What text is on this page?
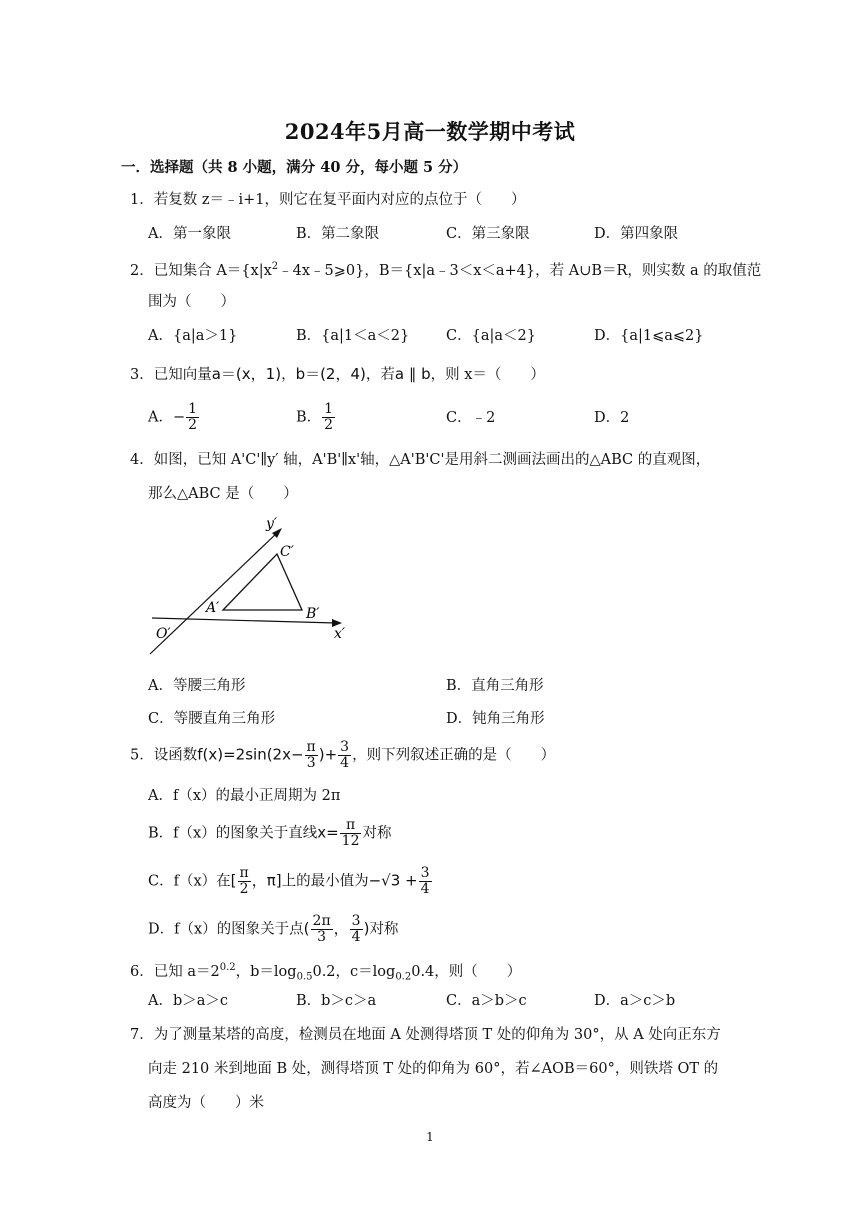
2024年5月高一数学期中考试
一．选择题（共 8 小题，满分 40 分，每小题 5 分）
1．若复数 z＝﹣i+1，则它在复平面内对应的点位于（　　）
A．第一象限	B．第二象限	C．第三象限	D．第四象限
2．已知集合 $A=\{x|x^2﹣4x﹣5⩾0\}$，B＝{x|a﹣3＜x＜a+4}，若 A∪B＝R，则实数 a 的取值范
围为（　　）
A．{a|a＞1}	B．{a|1＜a＜2}	C．{a|a＜2}	D．{a|1⩽a⩽2}
3．已知向量a＝(x，1)，b＝(2，4)，若a ∥ b，则 x＝（　　）
A．− $\frac{1}{2}$	B． $\frac{1}{2}$	C．﹣2	D．2
4．如图，已知 A'C'∥y′ 轴，A'B'∥x'轴，△A'B'C'是用斜二测画法画出的△ABC 的直观图，
那么△ABC 是（　　）
y′
C′
A′	B′
O′	x′
A．等腰三角形	B．直角三角形
C．等腰直角三角形	D．钝角三角形
5．设函数$f(x)=2\sin(2x- \frac{\pi}{3}$ )+ $\frac{3}{4}$ ，则下列叙述正确的是（　　）
A．f（x）的最小正周期为 2π
B．f（x）的图象关于直线$x= \frac{\pi}{12}$ 对称
C．f（x）在[ $\frac{\pi}{2}$ ，π]上的最小值为$-√3 + \frac{3}{4}$
D．f（x）的图象关于点( $\frac{2\pi}{3}$ ， $\frac{3}{4}$ )对称
6．已知 $a=2^{0.2}$，$b=\log_{0.5}0.2$，$c=\log_{0.2}0.4$，则（　　）
A．b＞a＞c	B．b＞c＞a	C．a＞b＞c	D．a＞c＞b
7．为了测量某塔的高度，检测员在地面 A 处测得塔顶 T 处的仰角为 30°，从 A 处向正东方
向走 210 米到地面 B 处，测得塔顶 T 处的仰角为 60°，若∠AOB＝60°，则铁塔 OT 的
高度为（　　）米
1
